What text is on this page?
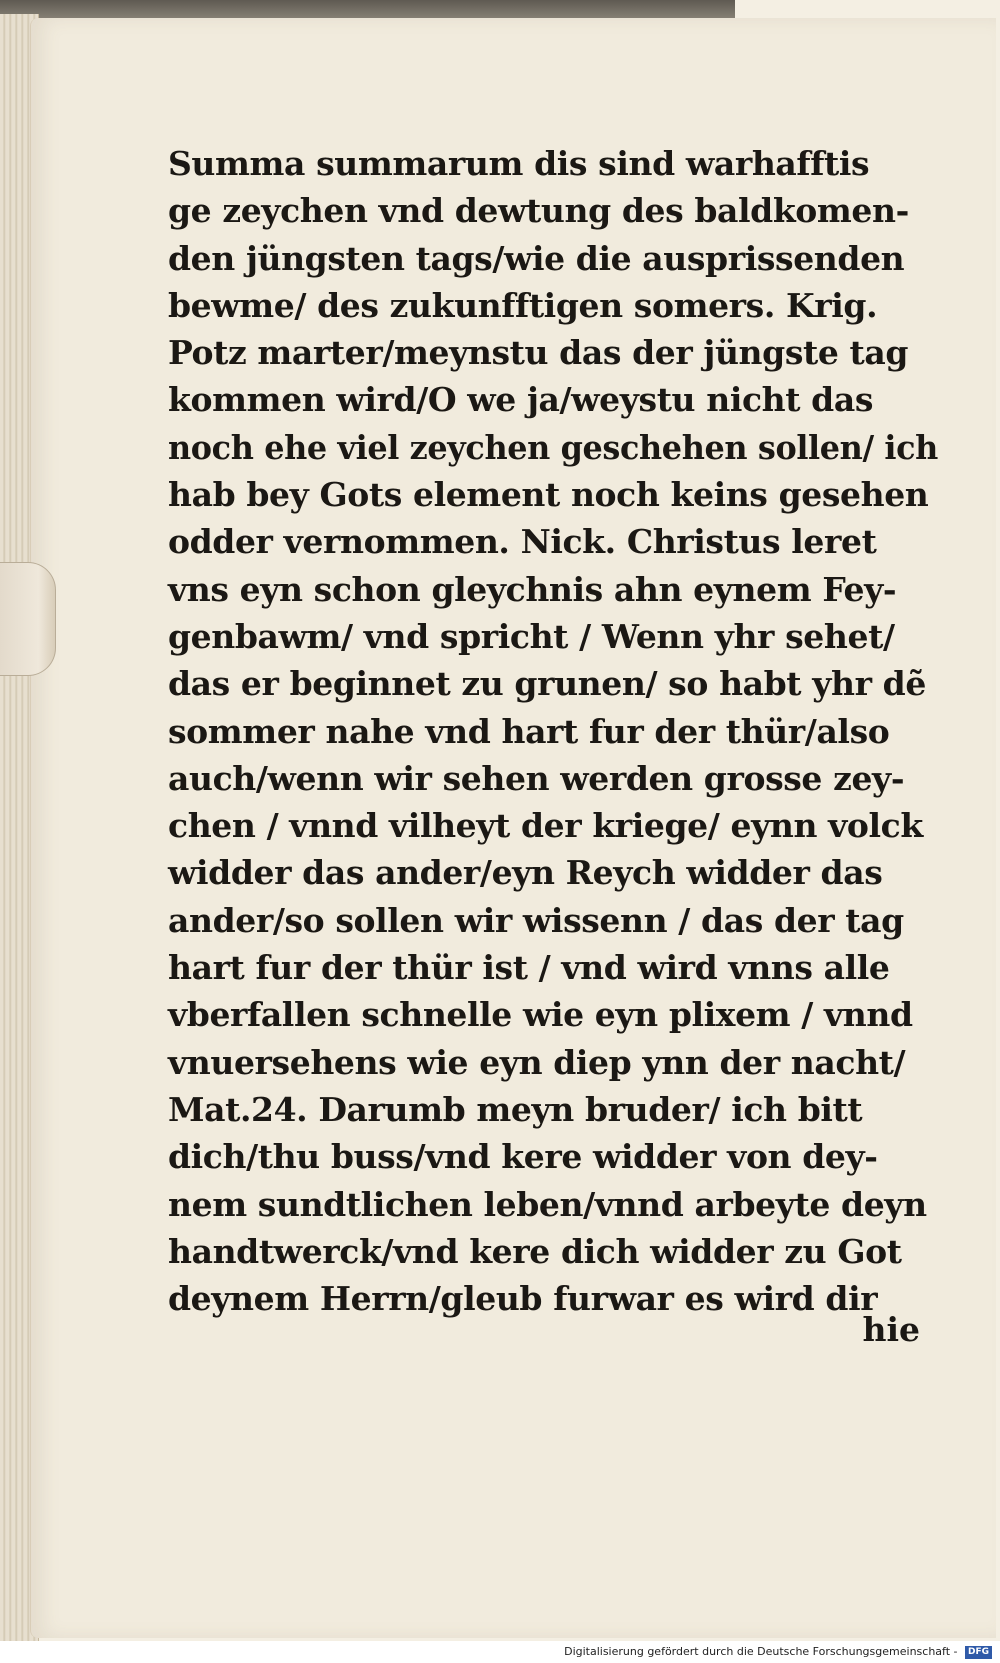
Summa summarum dis sind warhafftis
ge zeychen vnd dewtung des baldkomen‑
den jüngsten tags/wie die ausprissenden
bewme/ des zukunfftigen somers. Krig.
Potz marter/meynstu das der jüngste tag
kommen wird/O we ja/weystu nicht das
noch ehe viel zeychen geschehen sollen/ ich
hab bey Gots element noch keins gesehen
odder vernommen. Nick. Christus leret
vns eyn schon gleychnis ahn eynem Fey‑
genbawm/ vnd spricht / Wenn yhr sehet/
das er beginnet zu grunen/ so habt yhr dẽ
sommer nahe vnd hart fur der thür/also
auch/wenn wir sehen werden grosse zey‑
chen / vnnd vilheyt der kriege/ eynn volck
widder das ander/eyn Reych widder das
ander/so sollen wir wissenn / das der tag
hart fur der thür ist / vnd wird vnns alle
vberfallen schnelle wie eyn plixem / vnnd
vnuersehens wie eyn diep ynn der nacht/
Mat.24. Darumb meyn bruder/ ich bitt
dich/thu buss/vnd kere widder von dey‑
nem sundtlichen leben/vnnd arbeyte deyn
handtwerck/vnd kere dich widder zu Got
deynem Herrn/gleub furwar es wird dir
hie
Digitalisierung gefördert durch die Deutsche Forschungsgemeinschaft - DFG
